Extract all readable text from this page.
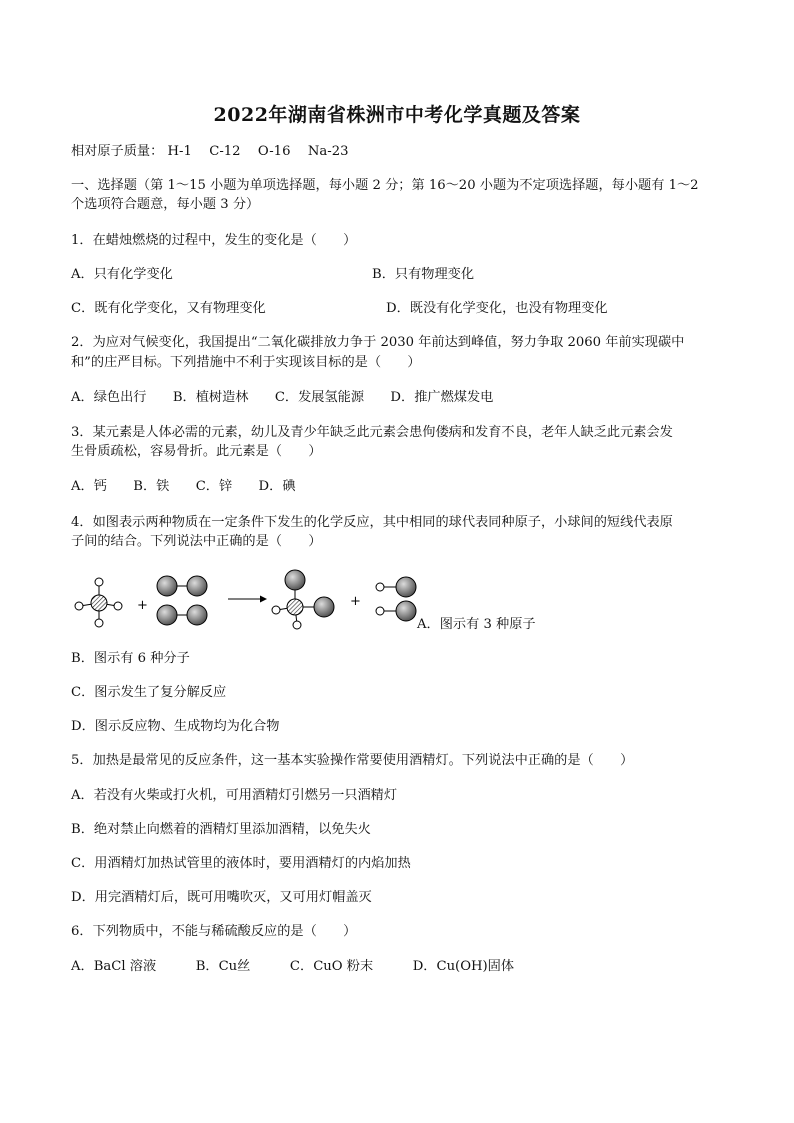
2022年湖南省株洲市中考化学真题及答案
相对原子质量： H-1　 C-12　 O-16　 Na-23
一、选择题（第 1～15 小题为单项选择题，每小题 2 分；第 16～20 小题为不定项选择题，每小题有 1～2
个选项符合题意，每小题 3 分）
1．在蜡烛燃烧的过程中，发生的变化是（　　）
A．只有化学变化	B．只有物理变化
C．既有化学变化，又有物理变化	D．既没有化学变化，也没有物理变化
2．为应对气候变化，我国提出“二氧化碳排放力争于 2030 年前达到峰值，努力争取 2060 年前实现碳中
和”的庄严目标。下列措施中不利于实现该目标的是（　　）
A．绿色出行　　B．植树造林　　C．发展氢能源　　D．推广燃煤发电
3．某元素是人体必需的元素，幼儿及青少年缺乏此元素会患佝偻病和发育不良，老年人缺乏此元素会发
生骨质疏松，容易骨折。此元素是（　　）
A．钙　　B．铁　　C．锌　　D．碘
4．如图表示两种物质在一定条件下发生的化学反应，其中相同的球代表同种原子，小球间的短线代表原
子间的结合。下列说法中正确的是（　　）
+	+
A．图示有 3 种原子
B．图示有 6 种分子
C．图示发生了复分解反应
D．图示反应物、生成物均为化合物
5．加热是最常见的反应条件，这一基本实验操作常要使用酒精灯。下列说法中正确的是（　　）
A．若没有火柴或打火机，可用酒精灯引燃另一只酒精灯
B．绝对禁止向燃着的酒精灯里添加酒精，以免失火
C．用酒精灯加热试管里的液体时，要用酒精灯的内焰加热
D．用完酒精灯后，既可用嘴吹灭，又可用灯帽盖灭
6．下列物质中，不能与稀硫酸反应的是（　　）
A．BaCl 溶液　　　B．Cu丝　　　C．CuO 粉末　　　D．Cu(OH)固体
